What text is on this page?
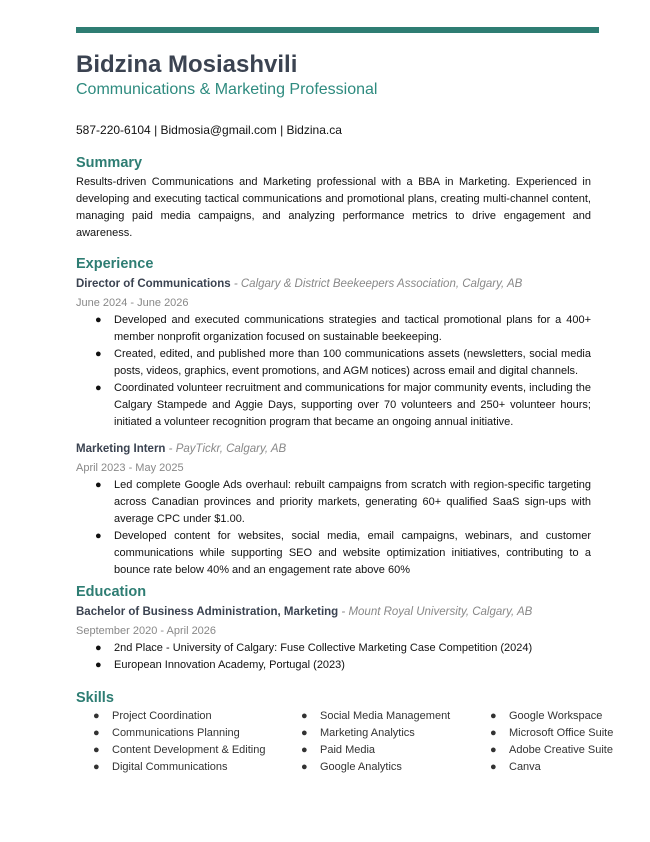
Bidzina Mosiashvili
Communications & Marketing Professional
587-220-6104 | Bidmosia@gmail.com | Bidzina.ca
Summary
Results-driven Communications and Marketing professional with a BBA in Marketing. Experienced in developing and executing tactical communications and promotional plans, creating multi-channel content, managing paid media campaigns, and analyzing performance metrics to drive engagement and awareness.
Experience
Director of Communications - Calgary & District Beekeepers Association, Calgary, AB
June 2024 - June 2026
● Developed and executed communications strategies and tactical promotional plans for a 400+ member nonprofit organization focused on sustainable beekeeping.
● Created, edited, and published more than 100 communications assets (newsletters, social media posts, videos, graphics, event promotions, and AGM notices) across email and digital channels.
● Coordinated volunteer recruitment and communications for major community events, including the Calgary Stampede and Aggie Days, supporting over 70 volunteers and 250+ volunteer hours; initiated a volunteer recognition program that became an ongoing annual initiative.
Marketing Intern - PayTickr, Calgary, AB
April 2023 - May 2025
● Led complete Google Ads overhaul: rebuilt campaigns from scratch with region-specific targeting across Canadian provinces and priority markets, generating 60+ qualified SaaS sign-ups with average CPC under $1.00.
● Developed content for websites, social media, email campaigns, webinars, and customer communications while supporting SEO and website optimization initiatives, contributing to a bounce rate below 40% and an engagement rate above 60%
Education
Bachelor of Business Administration, Marketing - Mount Royal University, Calgary, AB
September 2020 - April 2026
● 2nd Place - University of Calgary: Fuse Collective Marketing Case Competition (2024)
● European Innovation Academy, Portugal (2023)
Skills
● Project Coordination
● Communications Planning
● Content Development & Editing
● Digital Communications
● Social Media Management
● Marketing Analytics
● Paid Media
● Google Analytics
● Google Workspace
● Microsoft Office Suite
● Adobe Creative Suite
● Canva
